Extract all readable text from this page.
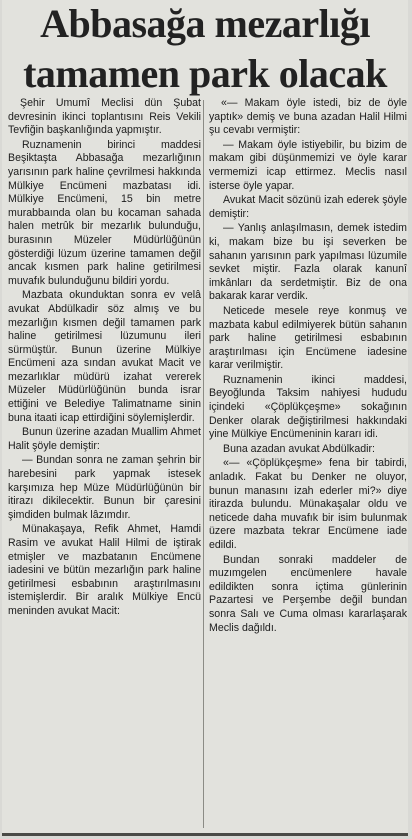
Abbasağa mezarlığı
tamamen park olacak

Şehir Umumî Meclisi dün Şubat devresinin ikinci toplantısını Reis Vekili Tevfiğin başkanlığında yapmıştır.

Ruznamenin birinci maddesi Beşiktaşta Abbasağa mezarlığının yarısının park haline çevrilmesi hakkında Mülkiye Encümeni mazbatası idi. Mülkiye Encümeni, 15 bin metre murabbaında olan bu kocaman sahada halen metrûk bir mezarlık bulunduğu, burasının Müzeler Müdürlüğünün gösterdiği lüzum üzerine tamamen değil ancak kısmen park haline getirilmesi muvafık bulunduğunu bildiri yordu.

Mazbata okunduktan sonra ev velâ avukat Abdülkadir söz almış ve bu mezarlığın kısmen değil tamamen park haline getirilmesi lüzumunu ileri sürmüştür. Bunun üzerine Mülkiye Encümeni aza sından avukat Macit ve mezarlıklar müdürü izahat vererek Müzeler Müdürlüğünün bunda israr ettiğini ve Belediye Talimatname sinin buna itaati icap ettirdiğini söylemişlerdir.

Bunun üzerine azadan Muallim Ahmet Halit şöyle demiştir:

— Bundan sonra ne zaman şehrin bir harebesini park yapmak istesek karşımıza hep Müze Müdürlüğünün bir itirazı dikilecektir. Bunun bir çaresini şimdiden bulmak lâzımdır.

Münakaşaya, Refik Ahmet, Hamdi Rasim ve avukat Halil Hilmi de iştirak etmişler ve mazbatanın Encümene iadesini ve bütün mezarlığın park haline getirilmesi esbabının araştırılmasını istemişlerdir. Bir aralık Mülkiye Encü meninden avukat Macit:

«— Makam öyle istedi, biz de öyle yaptık» demiş ve buna azadan Halil Hilmi şu cevabı vermiştir:

— Makam öyle istiyebilir, bu bizim de makam gibi düşünmemizi ve öyle karar vermemizi icap ettirmez. Meclis nasıl isterse öyle yapar.

Avukat Macit sözünü izah ederek şöyle demiştir:

— Yanlış anlaşılmasın, demek istedim ki, makam bize bu işi severken be sahanın yarısının park yapılması lüzumile sevket miştir. Fazla olarak kanunî imkânları da serdetmiştir. Biz de ona bakarak karar verdik.

Neticede mesele reye konmuş ve mazbata kabul edilmiyerek bütün sahanın park haline getirilmesi esbabının araştırılması için Encümene iadesine karar verilmiştir.

Ruznamenin ikinci maddesi, Beyoğlunda Taksim nahiyesi hududu içindeki «Çöplükçeşme» sokağının Denker olarak değiştirilmesi hakkındaki yine Mülkiye Encümeninin kararı idi.

Buna azadan avukat Abdülkadir:

«— «Çöplükçeşme» fena bir tabirdi, anladık. Fakat bu Denker ne oluyor, bunun manasını izah ederler mi?» diye itirazda bulundu. Münakaşalar oldu ve neticede daha muvafık bir isim bulunmak üzere mazbata tekrar Encümene iade edildi.

Bundan sonraki maddeler de muzımgelen encümenlere havale edildikten sonra içtima günlerinin Pazartesi ve Perşembe değil bundan sonra Salı ve Cuma olması kararlaşarak Meclis dağıldı.
